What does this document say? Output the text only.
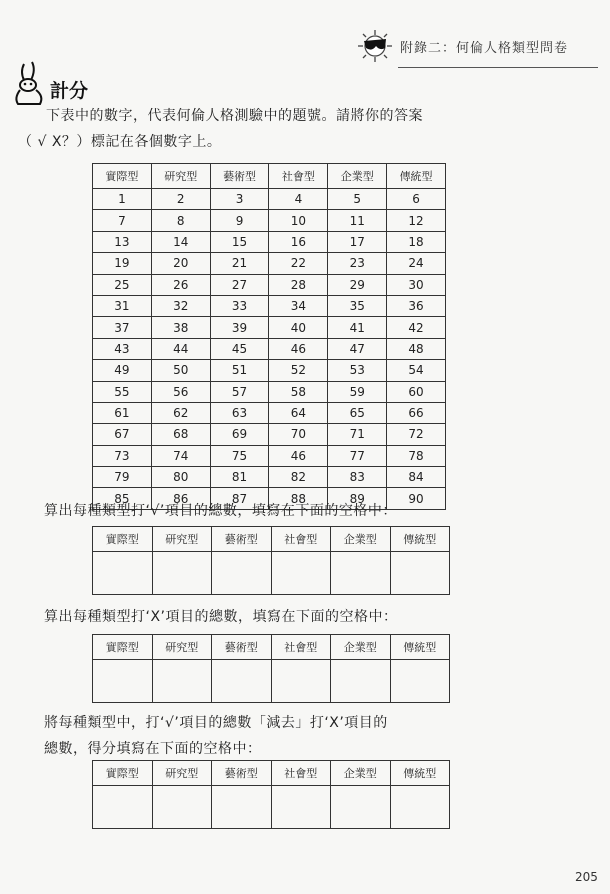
附錄二：何倫人格類型問卷
計分

下表中的數字，代表何倫人格測驗中的題號。請將你的答案

（ √ X？）標記在各個數字上。

實際型	研究型	藝術型	社會型	企業型	傳統型
1	2	3	4	5	6
7	8	9	10	11	12
13	14	15	16	17	18
19	20	21	22	23	24
25	26	27	28	29	30
31	32	33	34	35	36
37	38	39	40	41	42
43	44	45	46	47	48
49	50	51	52	53	54
55	56	57	58	59	60
61	62	63	64	65	66
67	68	69	70	71	72
73	74	75	46	77	78
79	80	81	82	83	84
85	86	87	88	89	90
算出每種類型打‘√’項目的總數，填寫在下面的空格中：
實際型	研究型	藝術型	社會型	企業型	傳統型

算出每種類型打‘X’項目的總數，填寫在下面的空格中：
實際型	研究型	藝術型	社會型	企業型	傳統型

將每種類型中，打‘√’項目的總數「減去」打‘X’項目的
總數，得分填寫在下面的空格中：
實際型	研究型	藝術型	社會型	企業型	傳統型

205
